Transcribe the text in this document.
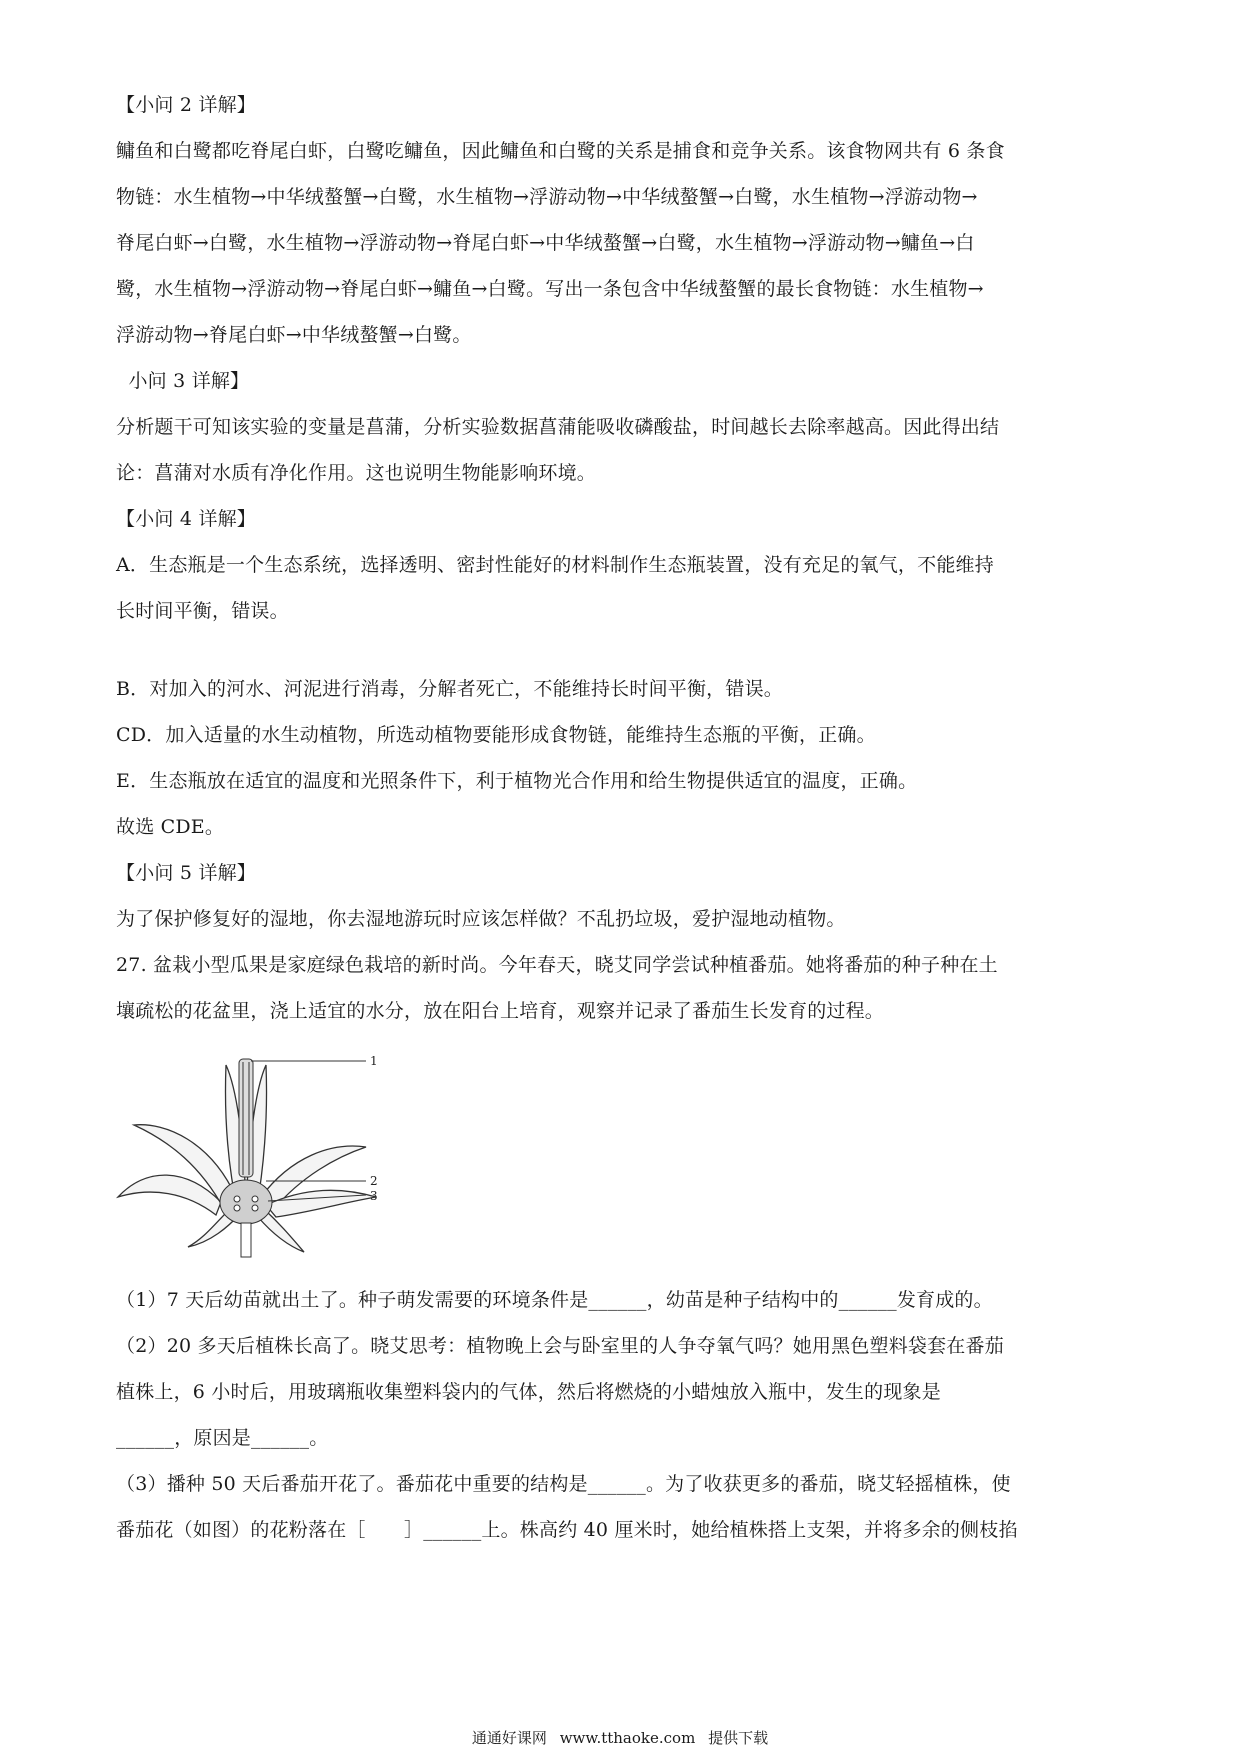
【小问 2 详解】
鳙鱼和白鹭都吃脊尾白虾，白鹭吃鳙鱼，因此鳙鱼和白鹭的关系是捕食和竞争关系。该食物网共有 6 条食
物链：水生植物→中华绒螯蟹→白鹭，水生植物→浮游动物→中华绒螯蟹→白鹭，水生植物→浮游动物→
脊尾白虾→白鹭，水生植物→浮游动物→脊尾白虾→中华绒螯蟹→白鹭，水生植物→浮游动物→鳙鱼→白
鹭，水生植物→浮游动物→脊尾白虾→鳙鱼→白鹭。写出一条包含中华绒螯蟹的最长食物链：水生植物→
浮游动物→脊尾白虾→中华绒螯蟹→白鹭。
小问 3 详解】
分析题干可知该实验的变量是菖蒲，分析实验数据菖蒲能吸收磷酸盐，时间越长去除率越高。因此得出结
论：菖蒲对水质有净化作用。这也说明生物能影响环境。
【小问 4 详解】
A．生态瓶是一个生态系统，选择透明、密封性能好的材料制作生态瓶装置，没有充足的氧气，不能维持
长时间平衡，错误。
B．对加入的河水、河泥进行消毒，分解者死亡，不能维持长时间平衡，错误。
CD．加入适量的水生动植物，所选动植物要能形成食物链，能维持生态瓶的平衡，正确。
E．生态瓶放在适宜的温度和光照条件下，利于植物光合作用和给生物提供适宜的温度，正确。
故选 CDE。
【小问 5 详解】
为了保护修复好的湿地，你去湿地游玩时应该怎样做？不乱扔垃圾，爱护湿地动植物。
27. 盆栽小型瓜果是家庭绿色栽培的新时尚。今年春天，晓艾同学尝试种植番茄。她将番茄的种子种在土
壤疏松的花盆里，浇上适宜的水分，放在阳台上培育，观察并记录了番茄生长发育的过程。
1
2
3
（1）7 天后幼苗就出土了。种子萌发需要的环境条件是______，幼苗是种子结构中的______发育成的。
（2）20 多天后植株长高了。晓艾思考：植物晚上会与卧室里的人争夺氧气吗？她用黑色塑料袋套在番茄
植株上，6 小时后，用玻璃瓶收集塑料袋内的气体，然后将燃烧的小蜡烛放入瓶中，发生的现象是
______，原因是______。
（3）播种 50 天后番茄开花了。番茄花中重要的结构是______。为了收获更多的番茄，晓艾轻摇植株，使
番茄花（如图）的花粉落在［　　］______上。株高约 40 厘米时，她给植株搭上支架，并将多余的侧枝掐
通通好课网 www.tthaoke.com 提供下载
